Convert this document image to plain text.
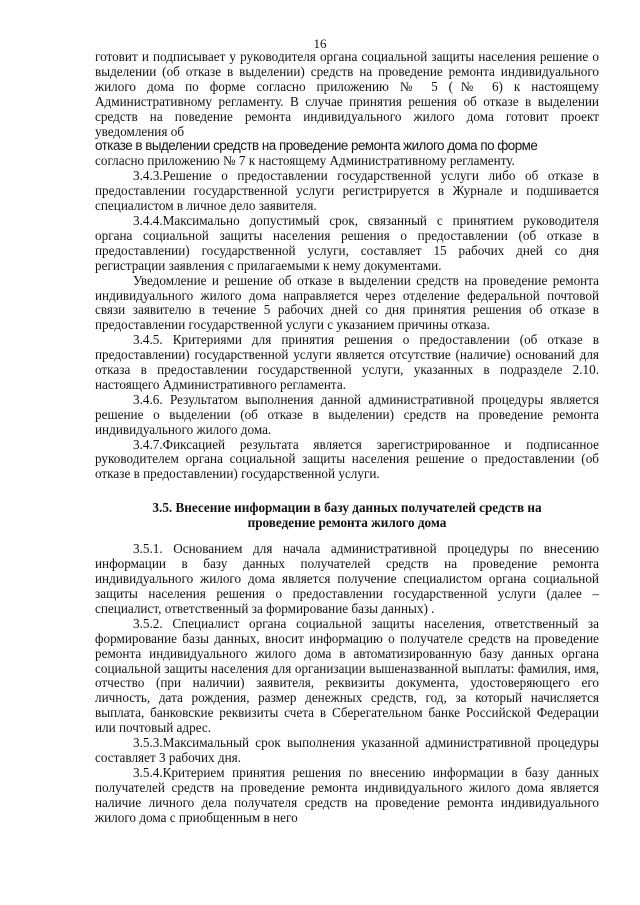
16

готовит и подписывает у руководителя органа социальной защиты населения решение о выделении (об отказе в выделении) средств на проведение ремонта индивидуального жилого дома по форме согласно приложению № 5 (№ 6) к настоящему Административному регламенту. В случае принятия решения об отказе в выделении средств на поведение ремонта индивидуального жилого дома готовит проект уведомления об

отказе в выделении средств на проведение ремонта жилого дома по форме

согласно приложению № 7 к настоящему Административному регламенту.

3.4.3.Решение о предоставлении государственной услуги либо об отказе в предоставлении государственной услуги регистрируется в Журнале и подшивается специалистом в личное дело заявителя.

3.4.4.Максимально допустимый срок, связанный с принятием руководителя органа социальной защиты населения решения о предоставлении (об отказе в предоставлении) государственной услуги, составляет 15 рабочих дней со дня регистрации заявления с прилагаемыми к нему документами.

Уведомление и решение об отказе в выделении средств на проведение ремонта индивидуального жилого дома направляется через отделение федеральной почтовой связи заявителю в течение 5 рабочих дней со дня принятия решения об отказе в предоставлении государственной услуги с указанием причины отказа.

3.4.5. Критериями для принятия решения о предоставлении (об отказе в предоставлении) государственной услуги является отсутствие (наличие) оснований для отказа в предоставлении государственной услуги, указанных в подразделе 2.10. настоящего Административного регламента.

3.4.6. Результатом выполнения данной административной процедуры является решение о выделении (об отказе в выделении) средств на проведение ремонта индивидуального жилого дома.

3.4.7.Фиксацией результата является зарегистрированное и подписанное руководителем органа социальной защиты населения решение о предоставлении (об отказе в предоставлении) государственной услуги.

3.5. Внесение информации в базу данных получателей средств на
проведение ремонта жилого дома

3.5.1. Основанием для начала административной процедуры по внесению информации в базу данных получателей средств на проведение ремонта индивидуального жилого дома является получение специалистом органа социальной защиты населения решения о предоставлении государственной услуги (далее – специалист, ответственный за формирование базы данных) .

3.5.2. Специалист органа социальной защиты населения, ответственный за формирование базы данных, вносит информацию о получателе средств на проведение ремонта индивидуального жилого дома в автоматизированную базу данных органа социальной защиты населения для организации вышеназванной выплаты: фамилия, имя, отчество (при наличии) заявителя, реквизиты документа, удостоверяющего его личность, дата рождения, размер денежных средств, год, за который начисляется выплата, банковские реквизиты счета в Сберегательном банке Российской Федерации или почтовый адрес.

3.5.3.Максимальный срок выполнения указанной административной процедуры составляет 3 рабочих дня.

3.5.4.Критерием принятия решения по внесению информации в базу данных получателей средств на проведение ремонта индивидуального жилого дома является наличие личного дела получателя средств на проведение ремонта индивидуального жилого дома с приобщенным в него
